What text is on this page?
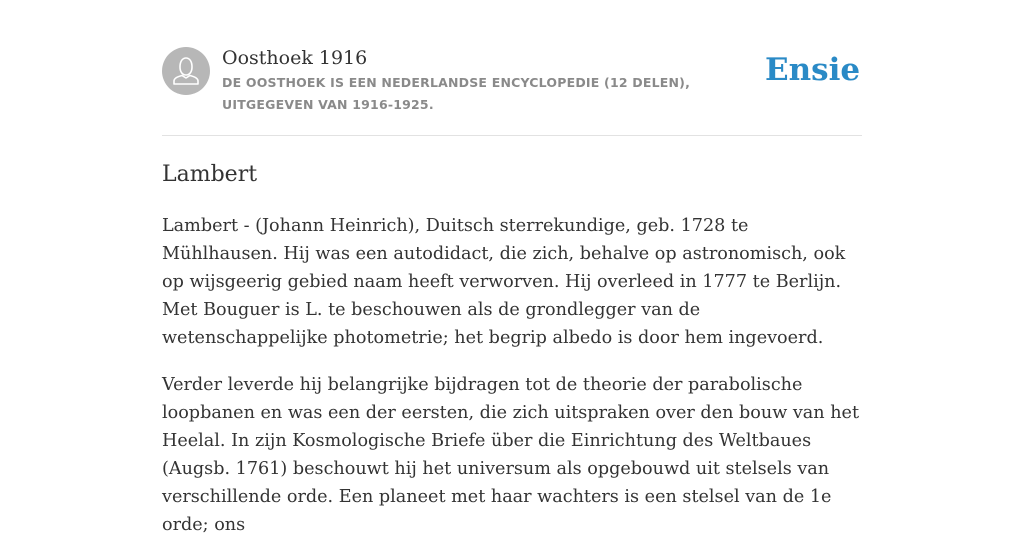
Oosthoek 1916

DE OOSTHOEK IS EEN NEDERLANDSE ENCYCLOPEDIE (12 DELEN), UITGEGEVEN VAN 1916-1925.

Ensie
Lambert

Lambert - (Johann Heinrich), Duitsch sterrekundige, geb. 1728 te Mühlhausen. Hij was een autodidact, die zich, behalve op astronomisch, ook op wijsgeerig gebied naam heeft verworven. Hij overleed in 1777 te Berlijn. Met Bouguer is L. te beschouwen als de grondlegger van de wetenschappelijke photometrie; het begrip albedo is door hem ingevoerd.

Verder leverde hij belangrijke bijdragen tot de theorie der parabolische loopbanen en was een der eersten, die zich uitspraken over den bouw van het Heelal. In zijn Kosmologische Briefe über die Einrichtung des Weltbaues (Augsb. 1761) beschouwt hij het universum als opgebouwd uit stelsels van verschillende orde. Een planeet met haar wachters is een stelsel van de 1e orde; ons
